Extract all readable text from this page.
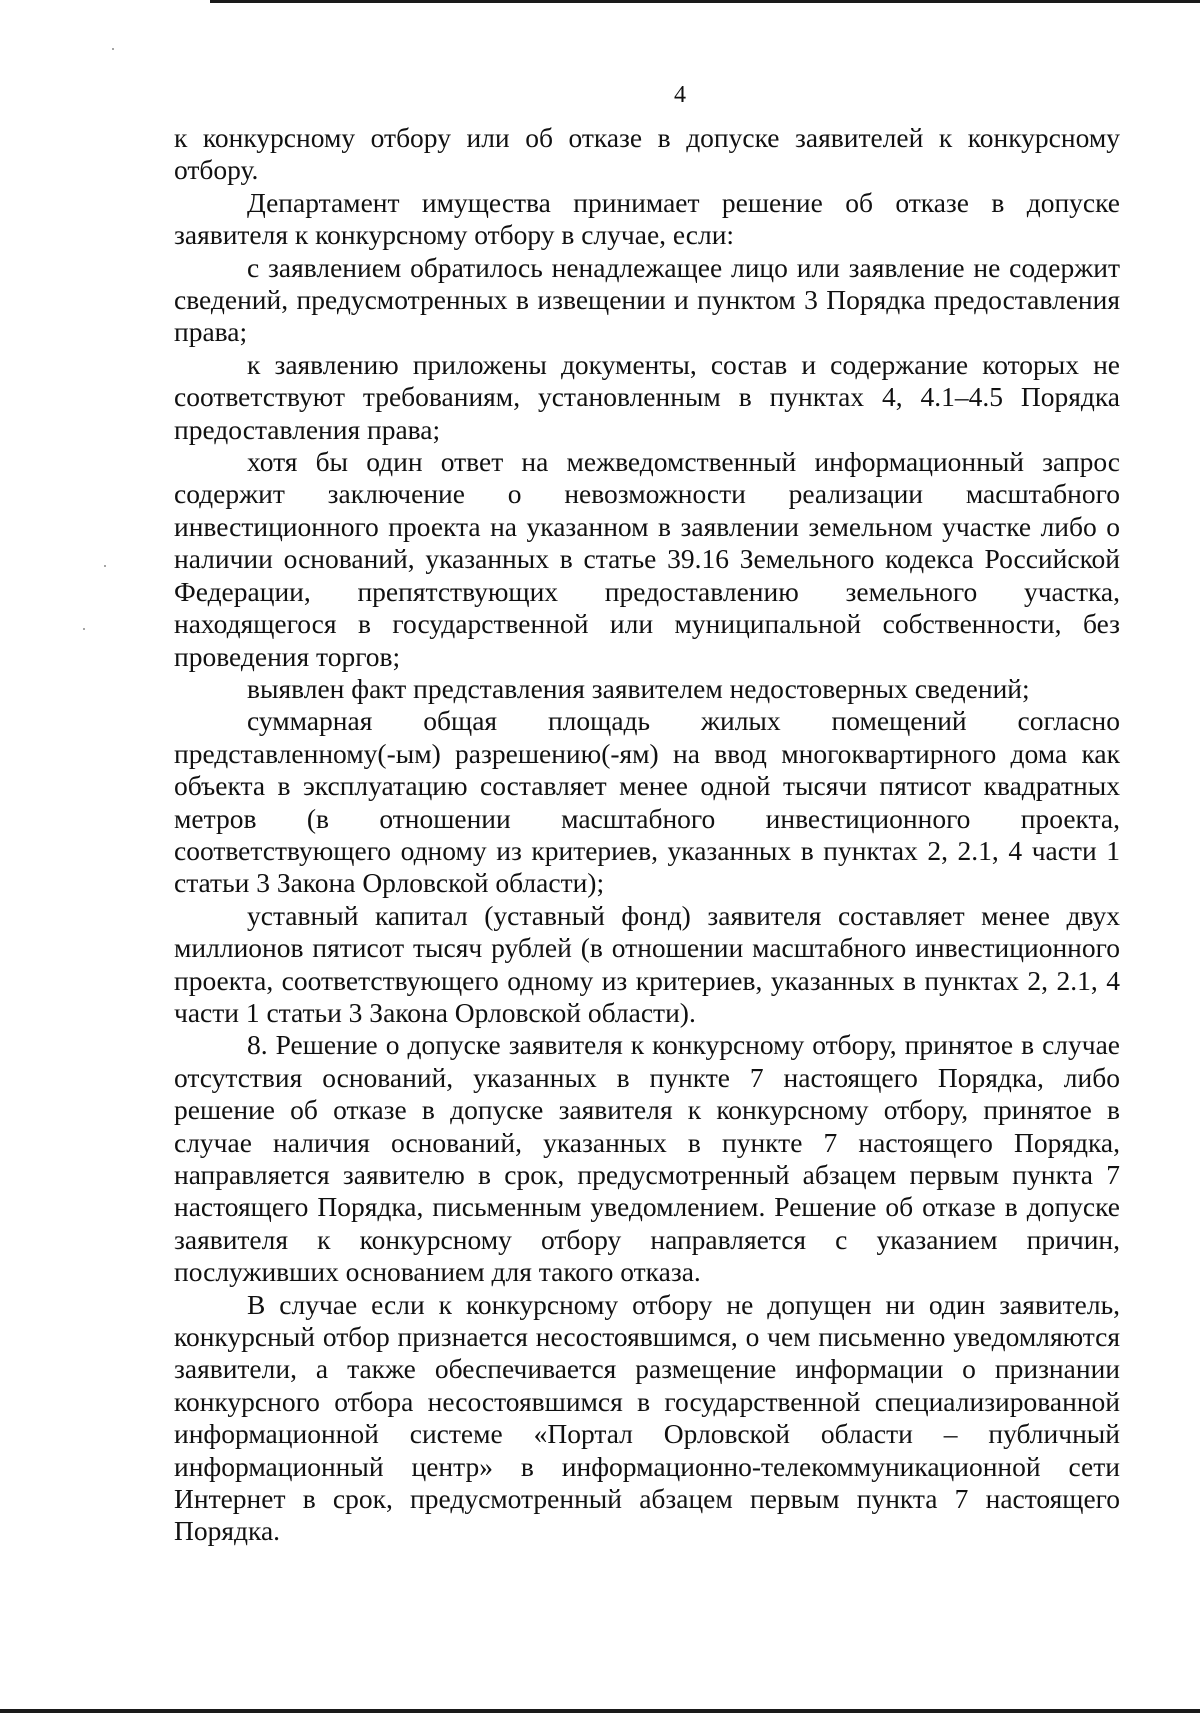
4

к конкурсному отбору или об отказе в допуске заявителей к конкурсному отбору.

Департамент имущества принимает решение об отказе в допуске заявителя к конкурсному отбору в случае, если:

с заявлением обратилось ненадлежащее лицо или заявление не содержит сведений, предусмотренных в извещении и пунктом 3 Порядка предоставления права;

к заявлению приложены документы, состав и содержание которых не соответствуют требованиям, установленным в пунктах 4, 4.1–4.5 Порядка предоставления права;

хотя бы один ответ на межведомственный информационный запрос содержит заключение о невозможности реализации масштабного инвестиционного проекта на указанном в заявлении земельном участке либо о наличии оснований, указанных в статье 39.16 Земельного кодекса Российской Федерации, препятствующих предоставлению земельного участка, находящегося в государственной или муниципальной собственности, без проведения торгов;

выявлен факт представления заявителем недостоверных сведений;

суммарная общая площадь жилых помещений согласно представленному(-ым) разрешению(-ям) на ввод многоквартирного дома как объекта в эксплуатацию составляет менее одной тысячи пятисот квадратных метров (в отношении масштабного инвестиционного проекта, соответствующего одному из критериев, указанных в пунктах 2, 2.1, 4 части 1 статьи 3 Закона Орловской области);

уставный капитал (уставный фонд) заявителя составляет менее двух миллионов пятисот тысяч рублей (в отношении масштабного инвестиционного проекта, соответствующего одному из критериев, указанных в пунктах 2, 2.1, 4 части 1 статьи 3 Закона Орловской области).

8. Решение о допуске заявителя к конкурсному отбору, принятое в случае отсутствия оснований, указанных в пункте 7 настоящего Порядка, либо решение об отказе в допуске заявителя к конкурсному отбору, принятое в случае наличия оснований, указанных в пункте 7 настоящего Порядка, направляется заявителю в срок, предусмотренный абзацем первым пункта 7 настоящего Порядка, письменным уведомлением. Решение об отказе в допуске заявителя к конкурсному отбору направляется с указанием причин, послуживших основанием для такого отказа.

В случае если к конкурсному отбору не допущен ни один заявитель, конкурсный отбор признается несостоявшимся, о чем письменно уведомляются заявители, а также обеспечивается размещение информации о признании конкурсного отбора несостоявшимся в государственной специализированной информационной системе «Портал Орловской области – публичный информационный центр» в информационно-телекоммуникационной сети Интернет в срок, предусмотренный абзацем первым пункта 7 настоящего Порядка.
